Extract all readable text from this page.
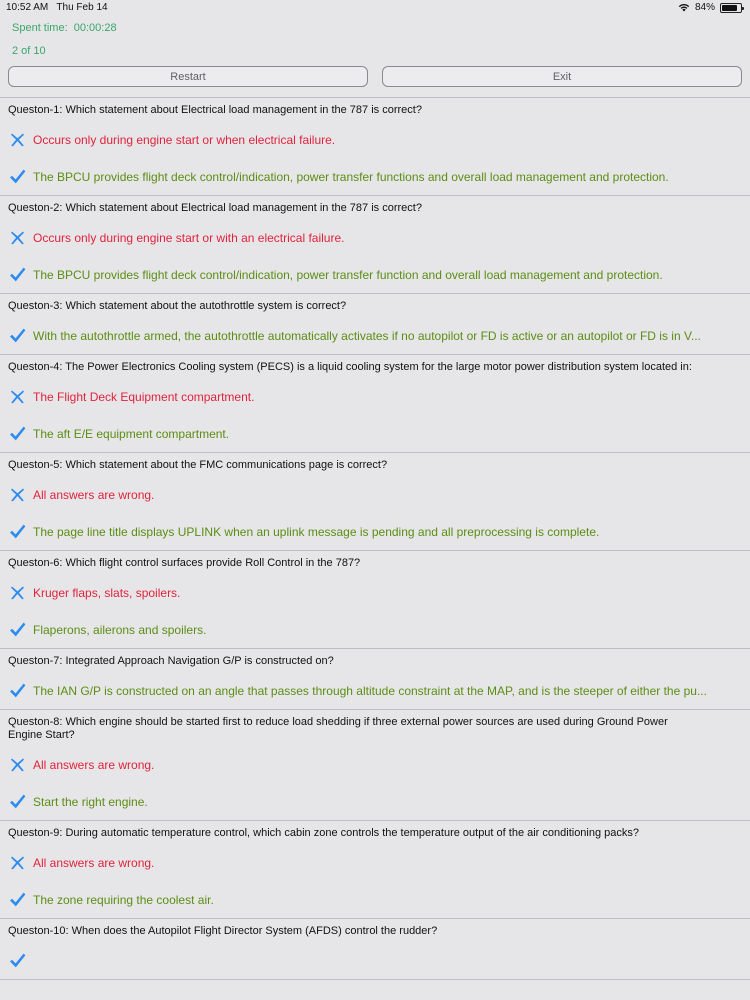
10:52 AM Thu Feb 14	84%
Spent time: 00:00:28
2 of 10
Restart	Exit
Queston-1: Which statement about Electrical load management in the 787 is correct?
Occurs only during engine start or when electrical failure.
The BPCU provides flight deck control/indication, power transfer functions and overall load management and protection.
Queston-2: Which statement about Electrical load management in the 787 is correct?
Occurs only during engine start or with an electrical failure.
The BPCU provides flight deck control/indication, power transfer function and overall load management and protection.
Queston-3: Which statement about the autothrottle system is correct?
With the autothrottle armed, the autothrottle automatically activates if no autopilot or FD is active or an autopilot or FD is in V...
Queston-4: The Power Electronics Cooling system (PECS) is a liquid cooling system for the large motor power distribution system located in:
The Flight Deck Equipment compartment.
The aft E/E equipment compartment.
Queston-5: Which statement about the FMC communications page is correct?
All answers are wrong.
The page line title displays UPLINK when an uplink message is pending and all preprocessing is complete.
Queston-6: Which flight control surfaces provide Roll Control in the 787?
Kruger flaps, slats, spoilers.
Flaperons, ailerons and spoilers.
Queston-7: Integrated Approach Navigation G/P is constructed on?
The IAN G/P is constructed on an angle that passes through altitude constraint at the MAP, and is the steeper of either the pu...
Queston-8: Which engine should be started first to reduce load shedding if three external power sources are used during Ground Power Engine Start?
All answers are wrong.
Start the right engine.
Queston-9: During automatic temperature control, which cabin zone controls the temperature output of the air conditioning packs?
All answers are wrong.
The zone requiring the coolest air.
Queston-10: When does the Autopilot Flight Director System (AFDS) control the rudder?
